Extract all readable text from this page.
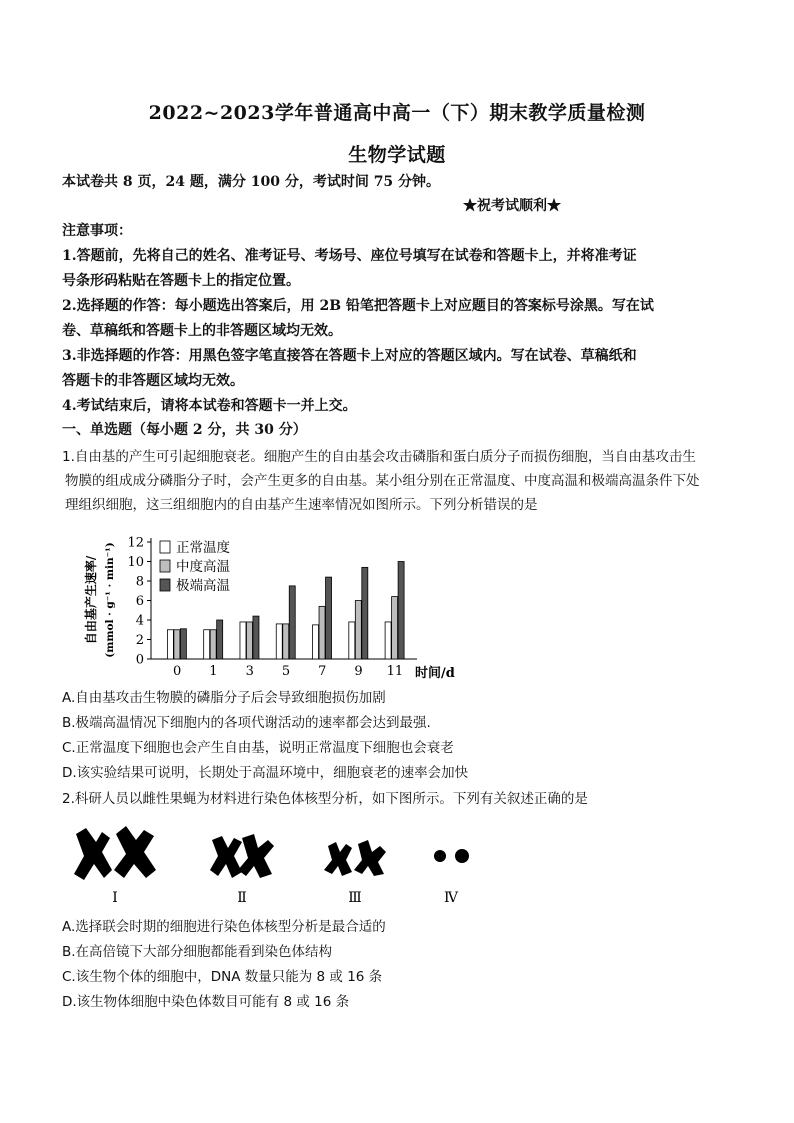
2022~2023学年普通高中高一（下）期末教学质量检测
生物学试题
本试卷共 8 页，24 题，满分 100 分，考试时间 75 分钟。
★祝考试顺利★
注意事项：
1.答题前，先将自己的姓名、准考证号、考场号、座位号填写在试卷和答题卡上，并将准考证
号条形码粘贴在答题卡上的指定位置。
2.选择题的作答：每小题选出答案后，用 2B 铅笔把答题卡上对应题目的答案标号涂黑。写在试
卷、草稿纸和答题卡上的非答题区域均无效。
3.非选择题的作答：用黑色签字笔直接答在答题卡上对应的答题区域内。写在试卷、草稿纸和
答题卡的非答题区域均无效。
4.考试结束后，请将本试卷和答题卡一并上交。
一、单选题（每小题 2 分，共 30 分）
1.自由基的产生可引起细胞衰老。细胞产生的自由基会攻击磷脂和蛋白质分子而损伤细胞，当自由基攻击生
物膜的组成成分磷脂分子时，会产生更多的自由基。某小组分别在正常温度、中度高温和极端高温条件下处
理组织细胞，这三组细胞内的自由基产生速率情况如图所示。下列分析错误的是
自由基产生速率/ (mmol · g⁻¹ · min⁻¹)
0
2
4
6
8
10
12
0 1 3 5 7 9 11 时间/d
正常温度
中度高温
极端高温
A.自由基攻击生物膜的磷脂分子后会导致细胞损伤加剧
B.极端高温情况下细胞内的各项代谢活动的速率都会达到最强.
C.正常温度下细胞也会产生自由基，说明正常温度下细胞也会衰老
D.该实验结果可说明，长期处于高温环境中，细胞衰老的速率会加快
2.科研人员以雌性果蝇为材料进行染色体核型分析，如下图所示。下列有关叙述正确的是
Ⅰ	Ⅱ	Ⅲ	Ⅳ
A.选择联会时期的细胞进行染色体核型分析是最合适的
B.在高倍镜下大部分细胞都能看到染色体结构
C.该生物个体的细胞中，DNA 数量只能为 8 或 16 条
D.该生物体细胞中染色体数目可能有 8 或 16 条
